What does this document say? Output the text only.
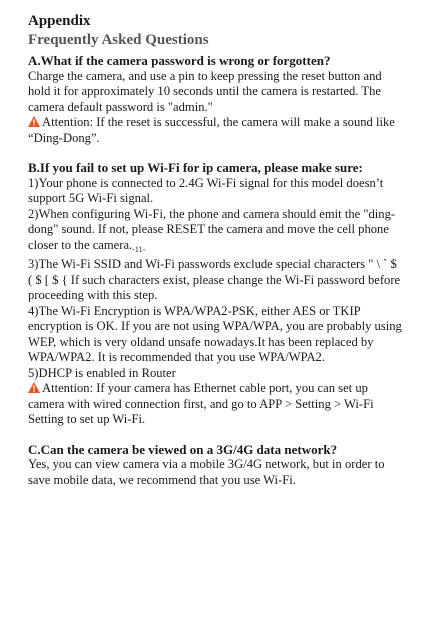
Appendix

Frequently Asked Questions

A.What if the camera password is wrong or forgotten?

Charge the camera, and use a pin to keep pressing the reset button and hold it for approximately 10 seconds until the camera is restarted. The camera default password is "admin."

Attention: If the reset is successful, the camera will make a sound like “Ding-Dong”.

B.If you fail to set up Wi-Fi for ip camera, please make sure:

1)Your phone is connected to 2.4G Wi-Fi signal for this model doesn’t support 5G Wi-Fi signal.

2)When configuring Wi-Fi, the phone and camera should emit the "ding-dong" sound. If not, please RESET the camera and move the cell phone closer to the $camera._{-11-}$

3)The Wi-Fi SSID and Wi-Fi passwords exclude special characters " \ ` $ ( $ [ $ { If such characters exist, please change the Wi-Fi password before proceeding with this step.

4)The Wi-Fi Encryption is WPA/WPA2-PSK, either AES or TKIP encryption is OK. If you are not using WPA/WPA, you are probably using WEP, which is very oldand unsafe nowadays.It has been replaced by WPA/WPA2. It is recommended that you use WPA/WPA2.

5)DHCP is enabled in Router

Attention: If your camera has Ethernet cable port, you can set up camera with wired connection first, and go to APP > Setting > Wi-Fi Setting to set up Wi-Fi.

C.Can the camera be viewed on a 3G/4G data network?

Yes, you can view camera via a mobile 3G/4G network, but in order to save mobile data, we recommend that you use Wi-Fi.
